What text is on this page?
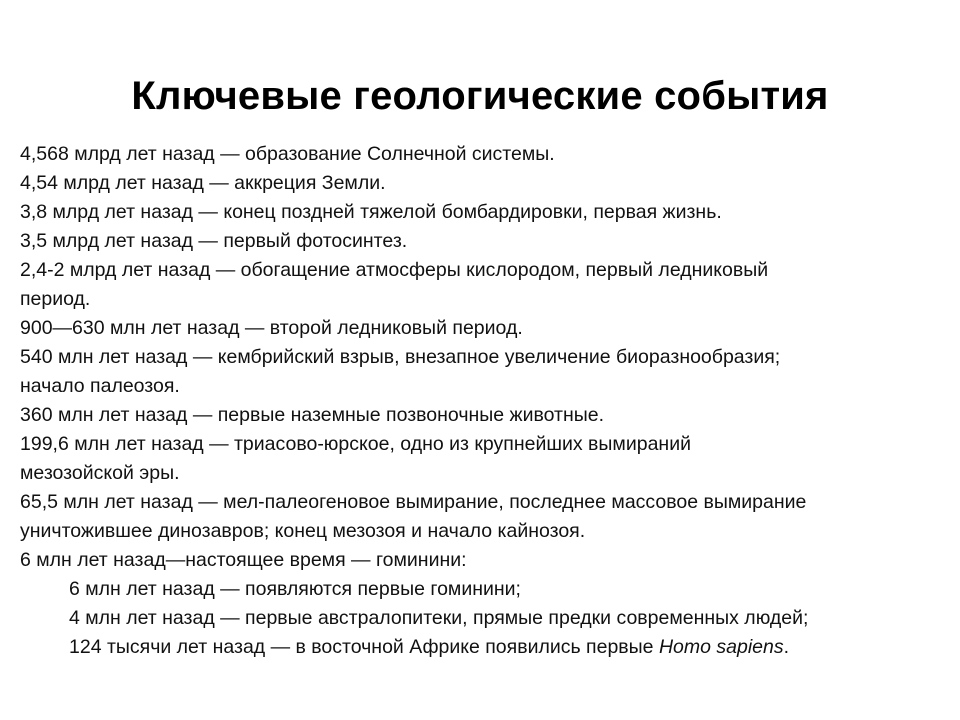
Ключевые геологические события
4,568 млрд лет назад — образование Солнечной системы.
4,54 млрд лет назад — аккреция Земли.
3,8 млрд лет назад — конец поздней тяжелой бомбардировки, первая жизнь.
3,5 млрд лет назад — первый фотосинтез.
2,4-2 млрд лет назад — обогащение атмосферы кислородом, первый ледниковый
период.
900—630 млн лет назад — второй ледниковый период.
540 млн лет назад — кембрийский взрыв, внезапное увеличение биоразнообразия;
начало палеозоя.
360 млн лет назад — первые наземные позвоночные животные.
199,6 млн лет назад — триасово-юрское, одно из крупнейших вымираний
мезозойской эры.
65,5 млн лет назад — мел-палеогеновое вымирание, последнее массовое вымирание
уничтожившее динозавров; конец мезозоя и начало кайнозоя.
6 млн лет назад—настоящее время — гоминини:
6 млн лет назад — появляются первые гоминини;
4 млн лет назад — первые австралопитеки, прямые предки современных людей;
124 тысячи лет назад — в восточной Африке появились первые Homo sapiens.
